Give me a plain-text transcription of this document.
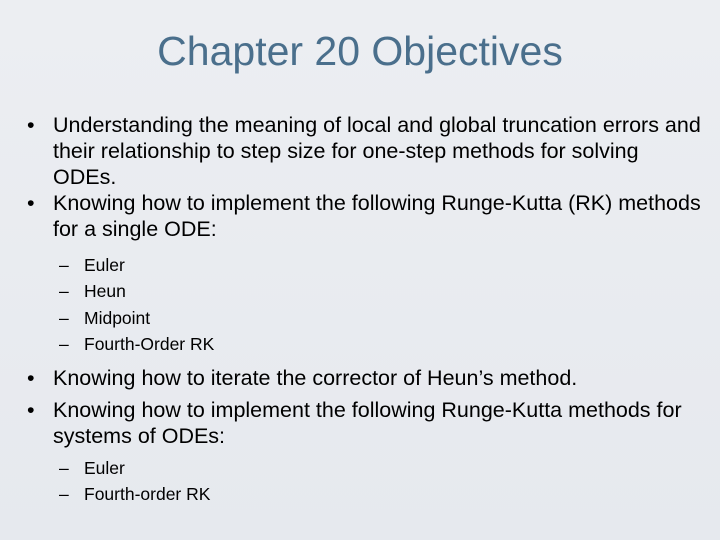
Chapter 20 Objectives
• Understanding the meaning of local and global truncation errors and their relationship to step size for one-step methods for solving ODEs.
• Knowing how to implement the following Runge-Kutta (RK) methods for a single ODE:
– Euler
– Heun
– Midpoint
– Fourth-Order RK
• Knowing how to iterate the corrector of Heun’s method.
• Knowing how to implement the following Runge-Kutta methods for systems of ODEs:
– Euler
– Fourth-order RK
